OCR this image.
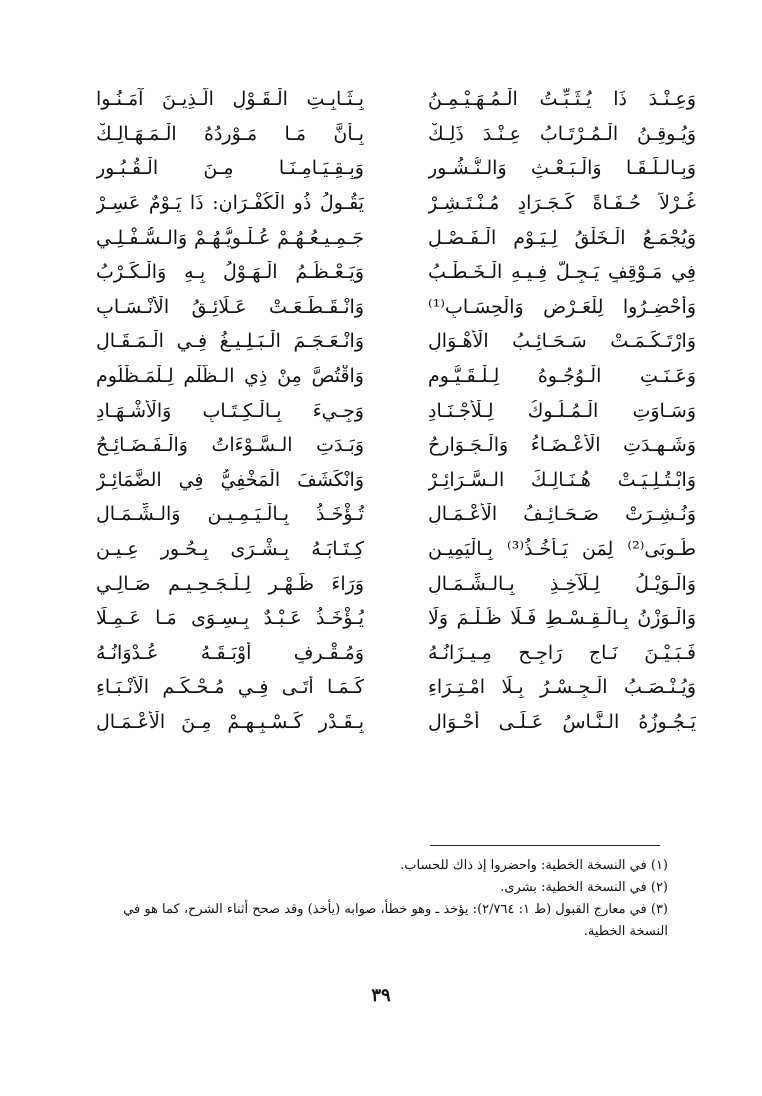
وَعِـنْـدَ ذَا يُـثَـبِّـتُ الْـمُـهَـيْـمِـنُ
بِـثَـابِـتِ الْـقَـوْلِ الَّـذِيـنَ آمَـنُـوا
وَيُـوقِـنُ الْـمُـرْتَـابُ عِـنْـدَ ذَلِـكْ
بِـأَنَّ مَـا مَـوْرِدُهُ الْـمَـهَـالِـكْ
وَبِـالـلِّـقَـا وَالْـبَـعْـثِ وَالـنُّـشُـورِ
وَبِـقِـيَـامِـنَـا مِـنَ الْـقُـبُـورِ
غُـرْلاً حُـفَـاةً كَـجَـرَادٍ مُـنْـتَـشِـرْ
يَقُـولُ ذُو الْكُفْـرَانِ: ذَا يَـوْمٌ عَسِـرْ
وَيُجْمَـعُ الْـخَلْقُ لِـيَـوْمِ الْـفَـصْـلِ
جَـمِـيـعُـهُـمْ عُـلْـوِيُّـهُـمْ وَالـسُّـفْـلِـي
فِي مَـوْقِفٍ يَـجِـلُّ فِـيـهِ الْـخَـطْـبُ
وَيَـعْـظُـمُ الْـهَـوْلُ بِـهِ وَالْـكَـرْبُ
وَأُحْضِـرُوا لِلْعَـرْضِ وَالْحِسَـابِ⁽¹⁾
وَانْـقَـطَـعَـتْ عَـلَائِـقُ الْأَنْـسَـابِ
وَارْتَـكَـمَـتْ سَـحَـائِـبُ الْأَهْـوَالِ
وَانْـعَـجَـمَ الْـبَـلِـيـغُ فِـي الْـمَـقَـالِ
وَعَـنَـتِ الْـوُجُـوهُ لِـلْـقَـيُّـومِ
وَاقْتُصَّ مِنْ ذِي الـظُّلْمِ لِـلْمَـظْلُومِ
وَسَـاوَتِ الْـمُـلُـوكُ لِـلْأَجْـنَـادِ
وَجِـيءَ بِـالْـكِـتَـابِ وَالْأَشْـهَـادِ
وَشَـهِـدَتِ الْأَعْـضَـاءُ وَالْـجَـوَارِحُ
وَبَـدَتِ الـسَّـوْءَاتُ وَالْـفَـضَـائِـحُ
وَابْـتُـلِـيَـتْ هُـنَـالِـكَ الـسَّـرَائِـرْ
وَانْكَشَفَ الْمَخْفِيُّ فِي الضَّمَائِـرْ
وَنُـشِـرَتْ صَـحَـائِـفُ الْأَعْـمَـالِ
تُـؤْخَـذُ بِـالْـيَـمِـيـنِ وَالـشِّـمَـالِ
طُـوبَى⁽²⁾ لِمَن يَـأْخُـذُ⁽³⁾ بِـالْيَمِيـنِ
كِـتَـابَـهُ بِـشْـرَى بِـحُـورٍ عِـيـنِ
وَالْـوَيْـلُ لِـلْآخِـذِ بِـالـشِّـمَـالِ
وَرَاءَ ظَـهْـرٍ لِـلْـجَـحِـيـمِ صَـالِـي
وَالْـوَزْنُ بِـالْـقِـسْـطِ فَـلَا ظُـلْـمَ وَلَا
يُـؤْخَـذُ عَـبْـدٌ بِـسِـوَى مَـا عَـمِـلَا
فَـبَـيْـنَ نَـاجٍ رَاجِـحٍ مِـيـزَانُـهُ
وَمُـقْـرِفٍ أَوْبَـقَـهُ عُـدْوَانُـهُ
وَيُـنْـصَـبُ الْـجِـسْـرُ بِـلَا امْـتِـرَاءِ
كَـمَـا أَتَـى فِـي مُـحْـكَـمِ الْأَنْـبَـاءِ
يَـجُـوزُهُ الـنَّـاسُ عَـلَـى أَحْـوَالِ
بِـقَـدْرِ كَـسْـبِـهِـمْ مِـنَ الْأَعْـمَـالِ
(١) في النسخة الخطية: واحضروا إذ ذاك للحساب.
(٢) في النسخة الخطية: بشرى.
(٣) في معارج القبول (ط ١: ٢/٧٦٤): يؤخذ ـ وهو خطأ، صوابه (يأخذ) وقد صحح أثناء الشرح، كما هو في النسخة الخطية.
٣٩
